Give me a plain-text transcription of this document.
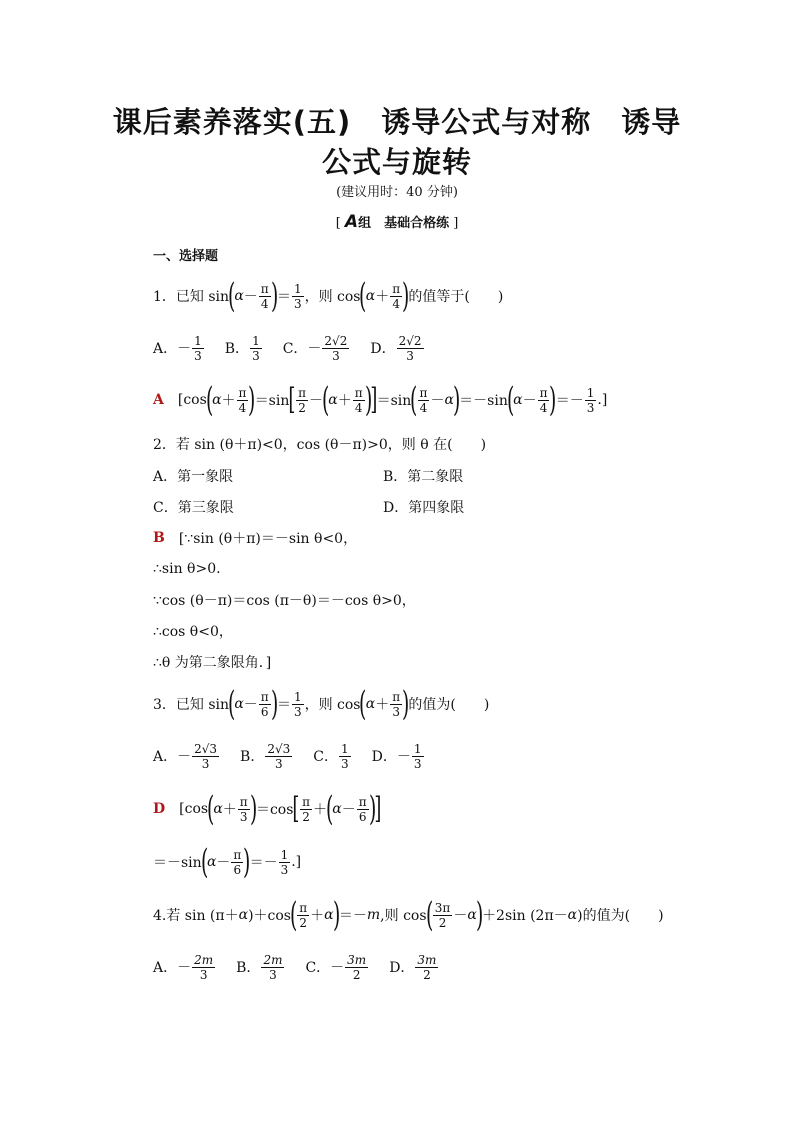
课后素养落实(五)　诱导公式与对称　诱导
公式与旋转
(建议用时：40 分钟)
[ A组　基础合格练 ]
一、选择题
1．已知 sin
(
$\alpha - \frac{\pi}{4}$ )
＝ $\frac{1}{3}$ ，则 cos
(
$\alpha + \frac{\pi}{4}$ )
的值等于(　　)
A．－ $\frac{1}{3}$ B． $\frac{1}{3}$ C．－ $\frac{2√2}{3}$ D． $\frac{2√2}{3}$
A [cos
(
$\alpha + \frac{\pi}{4}$ )
＝sin [ $\frac{\pi}{2}$ －
(
$\alpha + \frac{\pi}{4}$ )
] ＝sin
( $\frac{\pi}{4} - \alpha$
)
＝－sin
(
$\alpha - \frac{\pi}{4}$ )
＝－ $\frac{1}{3}$ .]
2．若 sin (θ＋π)<0，cos (θ－π)>0，则 θ 在(　　)
A．第一象限	B．第二象限
C．第三象限	D．第四象限
B [∵sin (θ＋π)＝－sin θ<0，
∴sin θ>0.
∵cos (θ－π)＝cos (π－θ)＝－cos θ>0，
∴cos θ<0，
∴θ 为第二象限角．]
3．已知 sin
(
$\alpha - \frac{\pi}{6}$ )
＝ $\frac{1}{3}$ ，则 cos
(
$\alpha + \frac{\pi}{3}$ )
的值为(　　)
A．－ $\frac{2√3}{3}$ B． $\frac{2√3}{3}$ C． $\frac{1}{3}$ D．－ $\frac{1}{3}$
D [cos
(
$\alpha + \frac{\pi}{3}$ )
＝cos [ $\frac{\pi}{2}$ ＋
(
$\alpha - \frac{\pi}{6}$ )
]
＝－sin
(
$\alpha - \frac{\pi}{6}$ )
＝－ $\frac{1}{3}$ .]
4.若 sin (π＋ α )＋cos
( $\frac{\pi}{2} + \alpha$
)
＝－ m ,则 cos
( $\frac{3\pi}{2} - \alpha$
)
＋2sin (2π－ α )的值为(　　)
A．－ $\frac{2m}{3}$ B． $\frac{2m}{3}$ C．－ $\frac{3m}{2}$ D． $\frac{3m}{2}$
